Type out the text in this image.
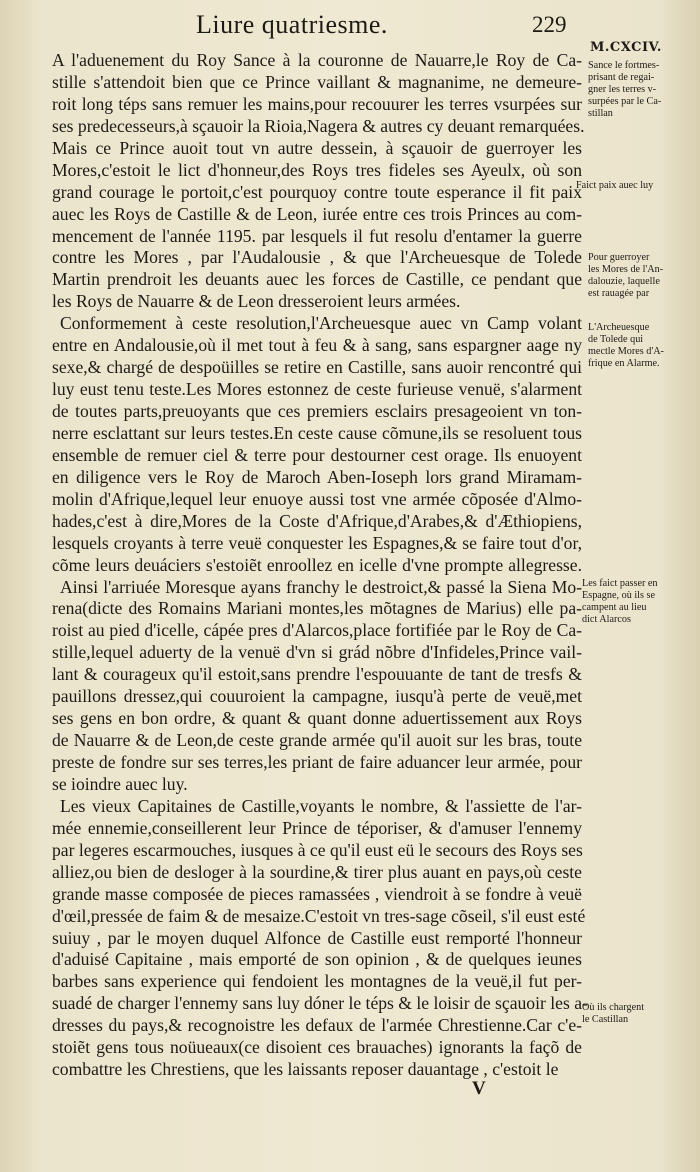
Liure quatriesme.	229
A l'aduenement du Roy Sance à la couronne de Nauarre,le Roy de Ca-
stille s'attendoit bien que ce Prince vaillant & magnanime, ne demeure-
roit long téps sans remuer les mains,pour recouurer les terres vsurpées sur
ses predecesseurs,à sçauoir la Rioia,Nagera & autres cy deuant remarquées.
Mais ce Prince auoit tout vn autre dessein, à sçauoir de guerroyer les
Mores,c'estoit le lict d'honneur,des Roys tres fideles ses Ayeulx, où son
grand courage le portoit,c'est pourquoy contre toute esperance il fit paix
auec les Roys de Castille & de Leon, iurée entre ces trois Princes au com-
mencement de l'année 1195. par lesquels il fut resolu d'entamer la guerre
contre les Mores , par l'Audalousie , & que l'Archeuesque de Tolede
Martin prendroit les deuants auec les forces de Castille, ce pendant que
les Roys de Nauarre & de Leon dresseroient leurs armées.
Conformement à ceste resolution,l'Archeuesque auec vn Camp volant
entre en Andalousie,où il met tout à feu & à sang, sans espargner aage ny
sexe,& chargé de despoüilles se retire en Castille, sans auoir rencontré qui
luy eust tenu teste.Les Mores estonnez de ceste furieuse venuë, s'alarment
de toutes parts,preuoyants que ces premiers esclairs presageoient vn ton-
nerre esclattant sur leurs testes.En ceste cause cõmune,ils se resoluent tous
ensemble de remuer ciel & terre pour destourner cest orage. Ils enuoyent
en diligence vers le Roy de Maroch Aben-Ioseph lors grand Miramam-
molin d'Afrique,lequel leur enuoye aussi tost vne armée cõposée d'Almo-
hades,c'est à dire,Mores de la Coste d'Afrique,d'Arabes,& d'Æthiopiens,
lesquels croyants à terre veuë conquester les Espagnes,& se faire tout d'or,
cõme leurs deuáciers s'estoiẽt enroollez en icelle d'vne prompte allegresse.
Ainsi l'arriuée Moresque ayans franchy le destroict,& passé la Siena Mo-
rena(dicte des Romains Mariani montes,les mõtagnes de Marius) elle pa-
roist au pied d'icelle, cápée pres d'Alarcos,place fortifiée par le Roy de Ca-
stille,lequel aduerty de la venuë d'vn si grád nõbre d'Infideles,Prince vail-
lant & courageux qu'il estoit,sans prendre l'espouuante de tant de tresfs &
pauillons dressez,qui couuroient la campagne, iusqu'à perte de veuë,met
ses gens en bon ordre, & quant & quant donne aduertissement aux Roys
de Nauarre & de Leon,de ceste grande armée qu'il auoit sur les bras, toute
preste de fondre sur ses terres,les priant de faire aduancer leur armée, pour
se ioindre auec luy.
Les vieux Capitaines de Castille,voyants le nombre, & l'assiette de l'ar-
mée ennemie,conseillerent leur Prince de téporiser, & d'amuser l'ennemy
par legeres escarmouches, iusques à ce qu'il eust eü le secours des Roys ses
alliez,ou bien de desloger à la sourdine,& tirer plus auant en pays,où ceste
grande masse composée de pieces ramassées , viendroit à se fondre à veuë
d'œil,pressée de faim & de mesaize.C'estoit vn tres-sage cõseil, s'il eust esté
suiuy , par le moyen duquel Alfonce de Castille eust remporté l'honneur
d'aduisé Capitaine , mais emporté de son opinion , & de quelques ieunes
barbes sans experience qui fendoient les montagnes de la veuë,il fut per-
suadé de charger l'ennemy sans luy dóner le téps & le loisir de sçauoir les a-
dresses du pays,& recognoistre les defaux de l'armée Chrestienne.Car c'e-
stoiẽt gens tous noüueaux(ce disoient ces brauaches) ignorants la façõ de
combattre les Chrestiens, que les laissants reposer dauantage , c'estoit le
V
M.CXCIV.
Sance le fortmes-
prisant de regai-
gner les terres v-
surpées par le Ca-
stillan
Faict paix auec luy
Pour guerroyer
les Mores de l'An-
dalouzie, laquelle
est rauagée par
L'Archeuesque
de Tolede qui
mectle Mores d'A-
frique en Alarme.
Les faict passer en
Espagne, où ils se
campent au lieu
dict Alarcos
Où ils chargent
le Castillan
